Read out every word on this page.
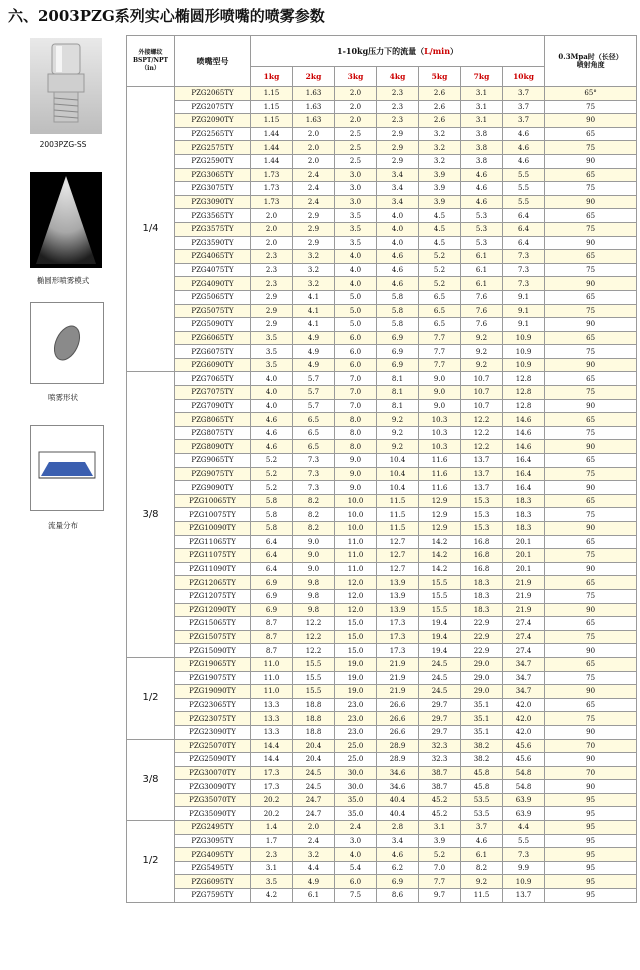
六、2003PZG系列实心椭圆形喷嘴的喷雾参数
2003PZG-SS
椭圆形喷雾模式
喷雾形状
流量分布
外接螺纹
BSPT/NPT
（in）	喷嘴型号	1-10kg压力下的流量（L/min）							0.3Mpa时（长径）
喷射角度
		1kg	2kg	3kg	4kg	5kg	7kg	10kg	
1/4	PZG2065TY	1.15	1.63	2.0	2.3	2.6	3.1	3.7	65°
	PZG2075TY	1.15	1.63	2.0	2.3	2.6	3.1	3.7	75
	PZG2090TY	1.15	1.63	2.0	2.3	2.6	3.1	3.7	90
	PZG2565TY	1.44	2.0	2.5	2.9	3.2	3.8	4.6	65
	PZG2575TY	1.44	2.0	2.5	2.9	3.2	3.8	4.6	75
	PZG2590TY	1.44	2.0	2.5	2.9	3.2	3.8	4.6	90
	PZG3065TY	1.73	2.4	3.0	3.4	3.9	4.6	5.5	65
	PZG3075TY	1.73	2.4	3.0	3.4	3.9	4.6	5.5	75
	PZG3090TY	1.73	2.4	3.0	3.4	3.9	4.6	5.5	90
	PZG3565TY	2.0	2.9	3.5	4.0	4.5	5.3	6.4	65
	PZG3575TY	2.0	2.9	3.5	4.0	4.5	5.3	6.4	75
	PZG3590TY	2.0	2.9	3.5	4.0	4.5	5.3	6.4	90
	PZG4065TY	2.3	3.2	4.0	4.6	5.2	6.1	7.3	65
	PZG4075TY	2.3	3.2	4.0	4.6	5.2	6.1	7.3	75
	PZG4090TY	2.3	3.2	4.0	4.6	5.2	6.1	7.3	90
	PZG5065TY	2.9	4.1	5.0	5.8	6.5	7.6	9.1	65
	PZG5075TY	2.9	4.1	5.0	5.8	6.5	7.6	9.1	75
	PZG5090TY	2.9	4.1	5.0	5.8	6.5	7.6	9.1	90
	PZG6065TY	3.5	4.9	6.0	6.9	7.7	9.2	10.9	65
	PZG6075TY	3.5	4.9	6.0	6.9	7.7	9.2	10.9	75
	PZG6090TY	3.5	4.9	6.0	6.9	7.7	9.2	10.9	90
3/8	PZG7065TY	4.0	5.7	7.0	8.1	9.0	10.7	12.8	65
	PZG7075TY	4.0	5.7	7.0	8.1	9.0	10.7	12.8	75
	PZG7090TY	4.0	5.7	7.0	8.1	9.0	10.7	12.8	90
	PZG8065TY	4.6	6.5	8.0	9.2	10.3	12.2	14.6	65
	PZG8075TY	4.6	6.5	8.0	9.2	10.3	12.2	14.6	75
	PZG8090TY	4.6	6.5	8.0	9.2	10.3	12.2	14.6	90
	PZG9065TY	5.2	7.3	9.0	10.4	11.6	13.7	16.4	65
	PZG9075TY	5.2	7.3	9.0	10.4	11.6	13.7	16.4	75
	PZG9090TY	5.2	7.3	9.0	10.4	11.6	13.7	16.4	90
	PZG10065TY	5.8	8.2	10.0	11.5	12.9	15.3	18.3	65
	PZG10075TY	5.8	8.2	10.0	11.5	12.9	15.3	18.3	75
	PZG10090TY	5.8	8.2	10.0	11.5	12.9	15.3	18.3	90
	PZG11065TY	6.4	9.0	11.0	12.7	14.2	16.8	20.1	65
	PZG11075TY	6.4	9.0	11.0	12.7	14.2	16.8	20.1	75
	PZG11090TY	6.4	9.0	11.0	12.7	14.2	16.8	20.1	90
	PZG12065TY	6.9	9.8	12.0	13.9	15.5	18.3	21.9	65
	PZG12075TY	6.9	9.8	12.0	13.9	15.5	18.3	21.9	75
	PZG12090TY	6.9	9.8	12.0	13.9	15.5	18.3	21.9	90
	PZG15065TY	8.7	12.2	15.0	17.3	19.4	22.9	27.4	65
	PZG15075TY	8.7	12.2	15.0	17.3	19.4	22.9	27.4	75
	PZG15090TY	8.7	12.2	15.0	17.3	19.4	22.9	27.4	90
1/2	PZG19065TY	11.0	15.5	19.0	21.9	24.5	29.0	34.7	65
	PZG19075TY	11.0	15.5	19.0	21.9	24.5	29.0	34.7	75
	PZG19090TY	11.0	15.5	19.0	21.9	24.5	29.0	34.7	90
	PZG23065TY	13.3	18.8	23.0	26.6	29.7	35.1	42.0	65
	PZG23075TY	13.3	18.8	23.0	26.6	29.7	35.1	42.0	75
	PZG23090TY	13.3	18.8	23.0	26.6	29.7	35.1	42.0	90
3/8	PZG25070TY	14.4	20.4	25.0	28.9	32.3	38.2	45.6	70
	PZG25090TY	14.4	20.4	25.0	28.9	32.3	38.2	45.6	90
	PZG30070TY	17.3	24.5	30.0	34.6	38.7	45.8	54.8	70
	PZG30090TY	17.3	24.5	30.0	34.6	38.7	45.8	54.8	90
	PZG35070TY	20.2	24.7	35.0	40.4	45.2	53.5	63.9	95
	PZG35090TY	20.2	24.7	35.0	40.4	45.2	53.5	63.9	95
1/2	PZG2495TY	1.4	2.0	2.4	2.8	3.1	3.7	4.4	95
	PZG3095TY	1.7	2.4	3.0	3.4	3.9	4.6	5.5	95
	PZG4095TY	2.3	3.2	4.0	4.6	5.2	6.1	7.3	95
	PZG5495TY	3.1	4.4	5.4	6.2	7.0	8.2	9.9	95
	PZG6095TY	3.5	4.9	6.0	6.9	7.7	9.2	10.9	95
	PZG7595TY	4.2	6.1	7.5	8.6	9.7	11.5	13.7	95
